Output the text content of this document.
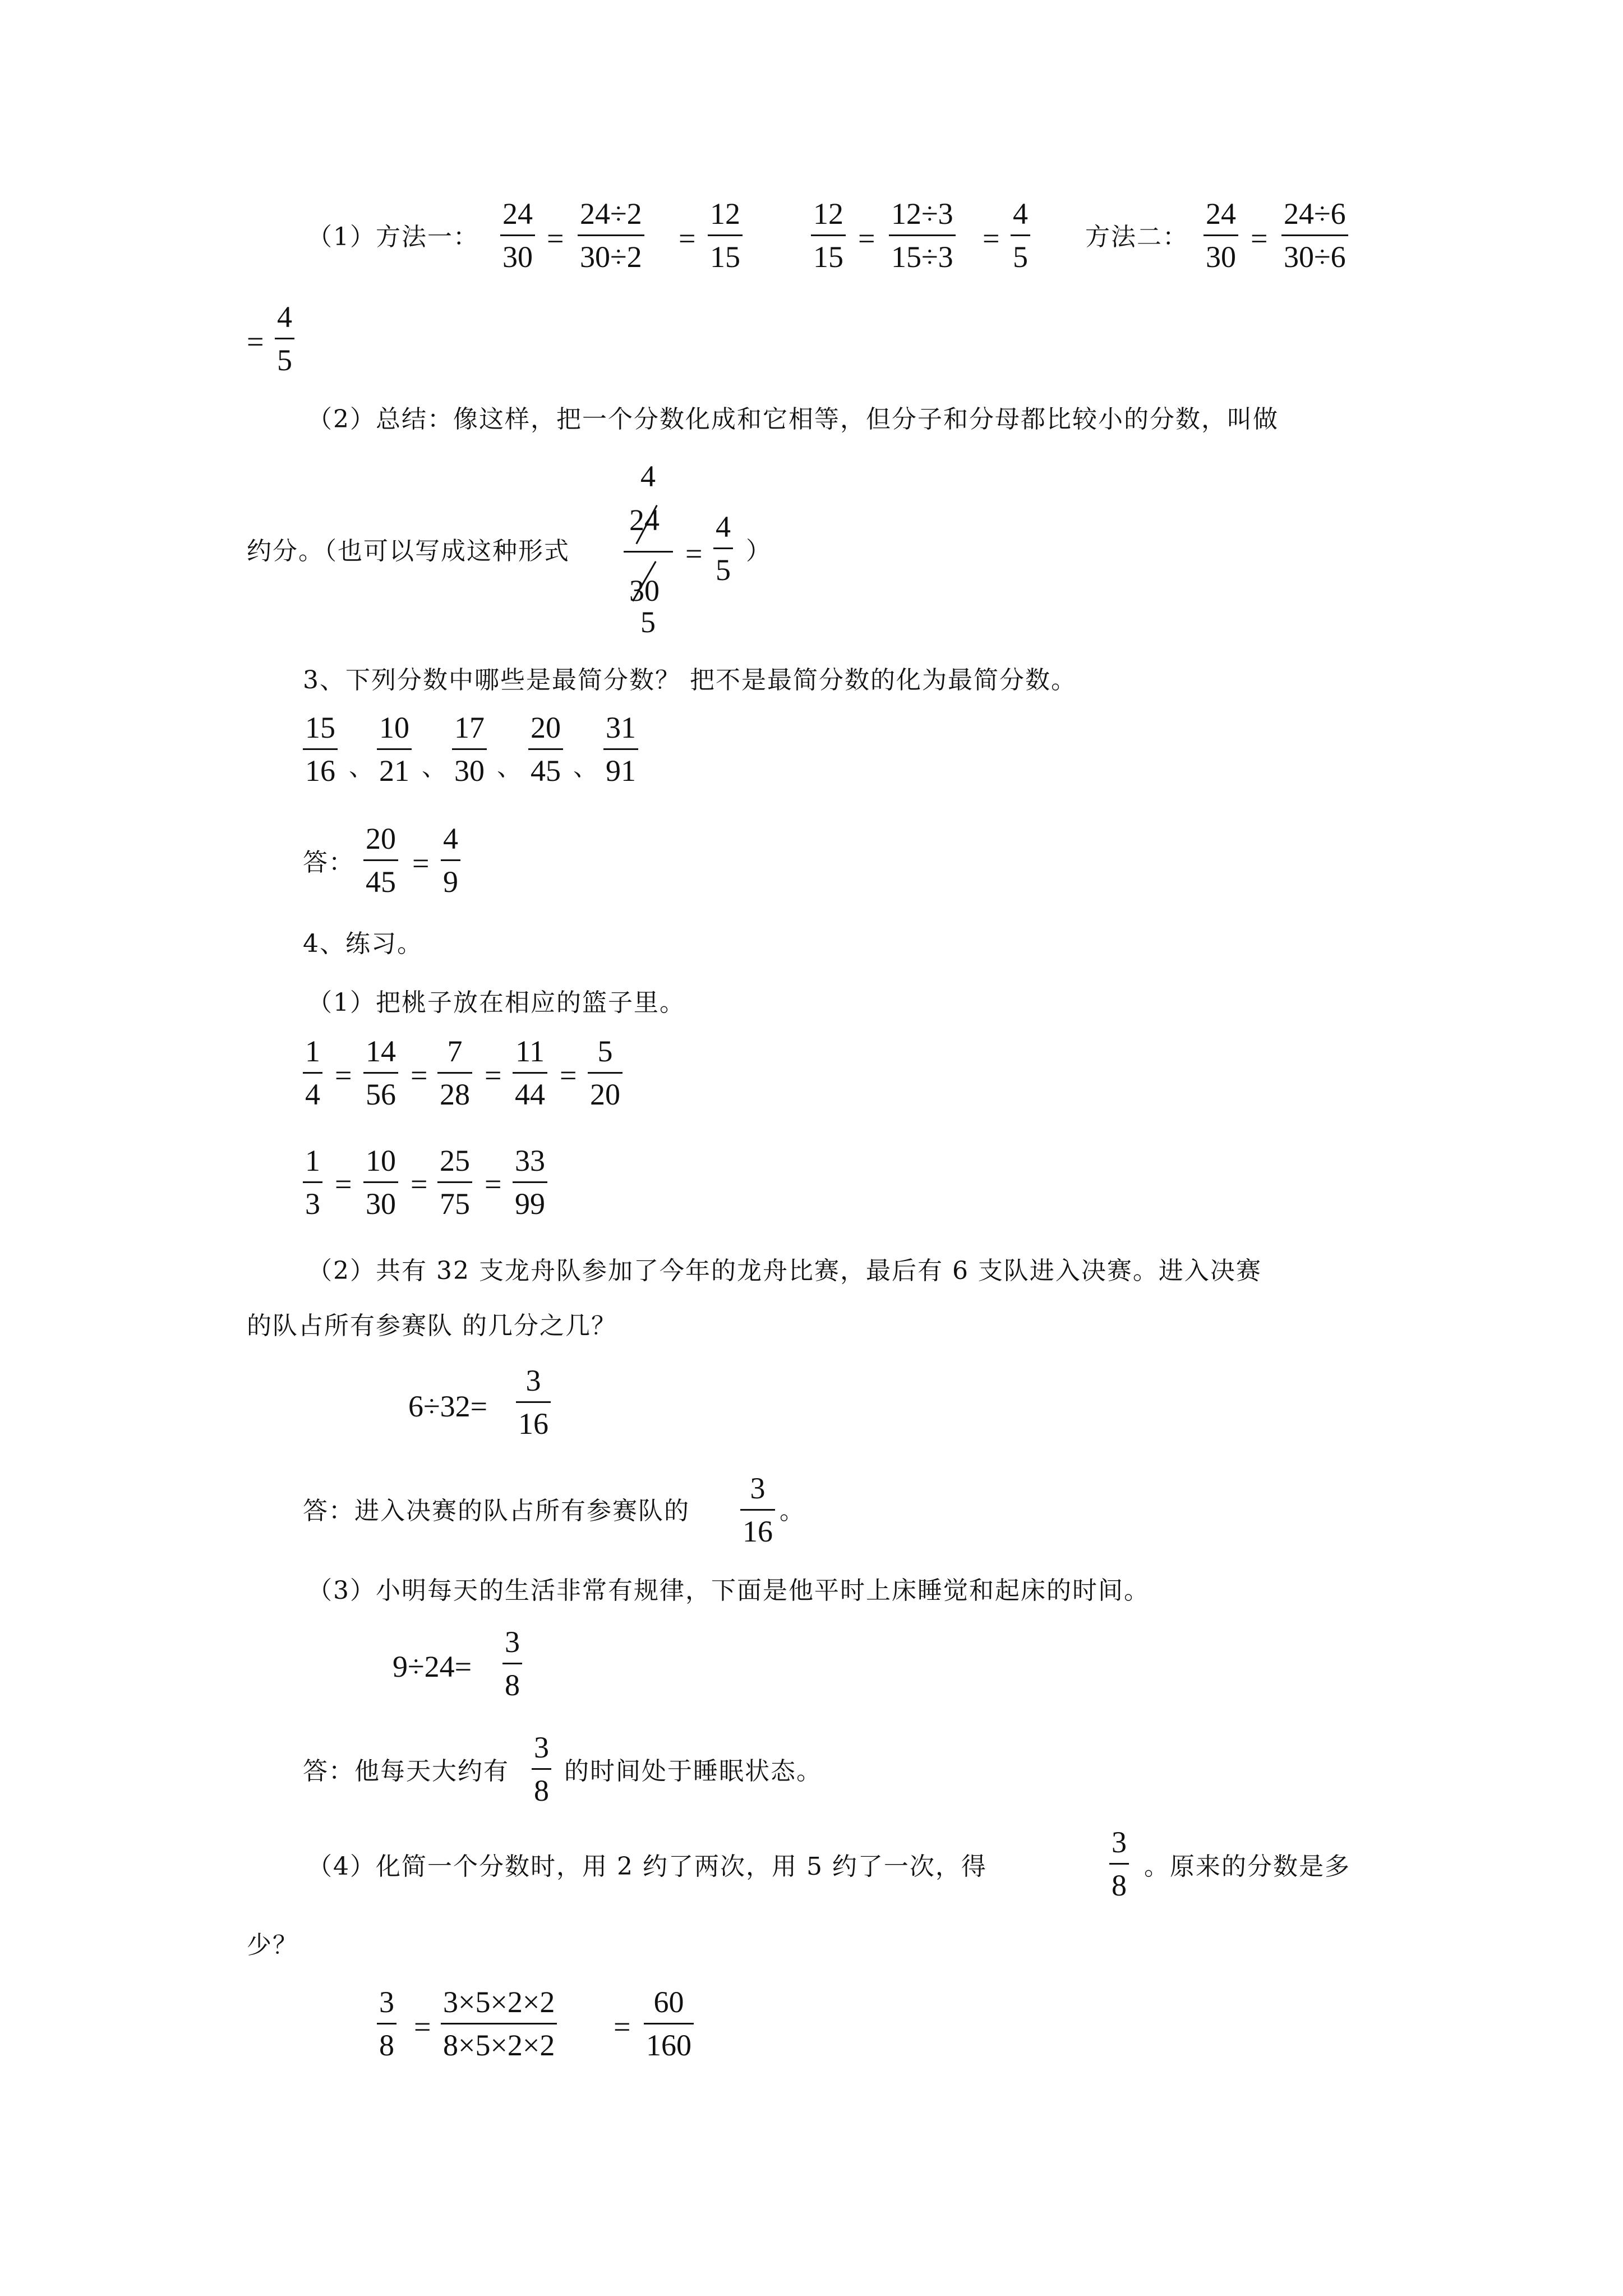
（1）方法一： $\frac{24}{30} = \frac{24\div 2}{30\div 2} = \frac{12}{15} \frac{12}{15} = \frac{12\div 3}{15\div 3} = \frac{4}{5}$ 方法二： $\frac{24}{30} = \frac{24\div 6}{30\div 6}$
= $\frac{4}{5}$
（2）总结：像这样，把一个分数化成和它相等，但分子和分母都比较小的分数，叫做
约分。（也可以写成这种形式
4
24
30
5
= $\frac{4}{5}$ ）
3、下列分数中哪些是最简分数？ 把不是最简分数的化为最简分数。
$\frac{15}{16}$ 、 $\frac{10}{21}$ 、 $\frac{17}{30}$ 、 $\frac{20}{45}$ 、 $\frac{31}{91}$
答： $\frac{20}{45} = \frac{4}{9}$
4、练习。
（1）把桃子放在相应的篮子里。
$\frac{1}{4} = \frac{14}{56} = \frac{7}{28} = \frac{11}{44} = \frac{5}{20}$
$\frac{1}{3} = \frac{10}{30} = \frac{25}{75} = \frac{33}{99}$
（2）共有 32 支龙舟队参加了今年的龙舟比赛，最后有 6 支队进入决赛。进入决赛
的队占所有参赛队 的几分之几？
$6\div 32= \frac{3}{16}$
答：进入决赛的队占所有参赛队的 $\frac{3}{16}$ 。
（3）小明每天的生活非常有规律，下面是他平时上床睡觉和起床的时间。
$9\div 24= \frac{3}{8}$
答：他每天大约有 $\frac{3}{8}$ 的时间处于睡眠状态。
（4）化简一个分数时，用 2 约了两次，用 5 约了一次，得	$\frac{3}{8}$ 。原来的分数是多
少？
$\frac{3}{8} = \frac{3\times 5\times 2\times 2}{8\times 5\times 2\times 2} = \frac{60}{160}$
